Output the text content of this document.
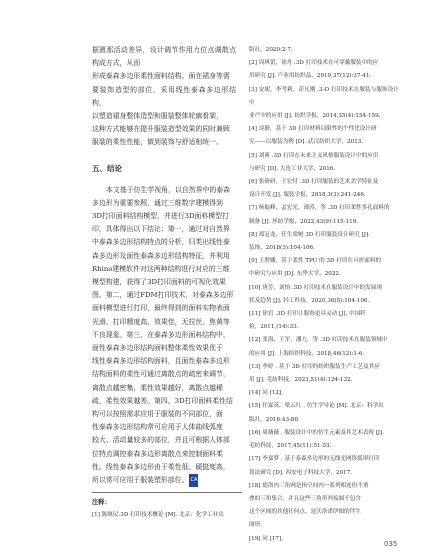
据匮那活动差异，设计调节作用力位点调散点构成方式，从而

形成泰森多边形柔性面料结构。面在裙身等需

要装饰造型的部位，采用线性泰森多边形结构，

以塑造裙身整体造型和服装整体轮廓骨架，

这种方式能够在提升服装造型效果的同时兼顾

服装的柔性性能，做到装饰与舒适相统一。

五、结论

本文基于仿生学视角，以自然界中的泰森

多边形为重要参照，通过三维数字建模得到

3D打印面料结构模型，并进行3D面料模型打

印，具体得出以下结论：第一，通过对自然界

中泰森多边形结构特点的分析，归类出线性泰

森多边形及面性泰森多边形结构特征，并利用

Rhino建模软件对这两种结构进行对应的三维

模型构建，获得了3D打印面料的可视化效果

图。第二，通过FDM打印技术，对泰森多边形

面料模型进行打印，最终得到的面料实物表面

光滑、打印精度高、效果佳，无拉丝、焦黄等

不良现象。第三，在泰森多边形面料结构中，

面性泰森多边形结构面料整体柔性效果优于

线性泰森多边形结构面料，且面性泰森多边形

结构面料的柔性可通过离散点的疏密来调节，

离散点越密集，柔性效果越好，离散点越稀

疏，柔性效果越差。第四，3D打印面料柔性结

构可以按照需求应用于服装的不同部位，面

性泰森多边形结构常可应用于人体曲线弧度

较大、活动量较多的部位，并且可根据人体部

位特点调控泰森多边形离散点来控制面料柔

性。线性泰森多边形由于柔性低、硬挺度高，

所以常可应用于服装塑形部位。 CA

注释：

[1] 陈继民.3D 打印技术概论 [M]. 北京：化学工业出

版社，2020:2-7.
[2] 周琪蕾，徐舟 .3D 打印技术在可穿戴服装中的应
用研究 [J]. 产业用纺织品，2019,37(12):37-41.
[3] 安妮，李考莉，彭凡刚 .3-D 打印技术在服装与服饰设计中
业产中的应用 [J]. 纺织学报，2014,35(4):154-159.
[4] 谈静，基于 3D 打印材料局限性的个性化设计研
究——以服装为例 [D]. 武汉纺织大学，2013.
[5] 刘爽 .3D 打印在未来主义风格服装设计中的应用
与研究 [D]. 大连工业大学，2016.
[6] 张研研，王宏付 .3D 打印服装的艺术美学特征及
设计开发 [J]. 服装学报，2018,3(3):241-246.
[7] 杨振峰，孟宏光，薄涛，等 .3D 打印柔性多孔面料的
制备 [J]. 丝纺学报，2022,43(9):115-119.
[8] 郑冠龙，任生梁树 3D 打印服装设计研究 [J].
装饰，2018(3):104-106.
[9] 王胜娜，基于柔性 TPU 的 3D 打印在可折面料的
中研究与应用 [D]. 东华大学，2022.
[10] 唐芳，刘怡 .3D 打印技术在服装设计中的发展现
状及趋势 [J]. 轻工科技，2020,36(5):104-106.
[11] 徐岩 .3D 打印让服饰更具灵动 [J]. 中国纤
检，2011,(14):33.
[12] 张海，王军，潘力，等 .3D 打印技术在服装领域中
的应用 [J]. 上海纺织科技，2018,46(12):1-6.
[13] 李婷 . 基于 3D 打印的纺织服装生产工艺及其应
用 [J]. 毛纺科技，2023,51(4):124-132.
[14] 同 [12].
[15] 任霖英，梁云红 . 仿生学导论 [M]. 北京：科学出
版社，2016:43-80.
[16] 周薇薇 . 服装设计中的仿生元素及其艺术表现 [J].
毛纺科技，2017,45(11):51-53.
[17] 李嘉梦 . 基于泰森多边形的无线光网络弧形打印
算法研究 [D]. 西安电子科技大学，2017.
[18] 德洛内三角网是指空间内一系列相连但不重
叠的三角集合，并且这些三角形外接圆不包含
这个区域的其他任何点，是沃洛诺伊图的伴生
图形。
[19] 同 [17]。
035
